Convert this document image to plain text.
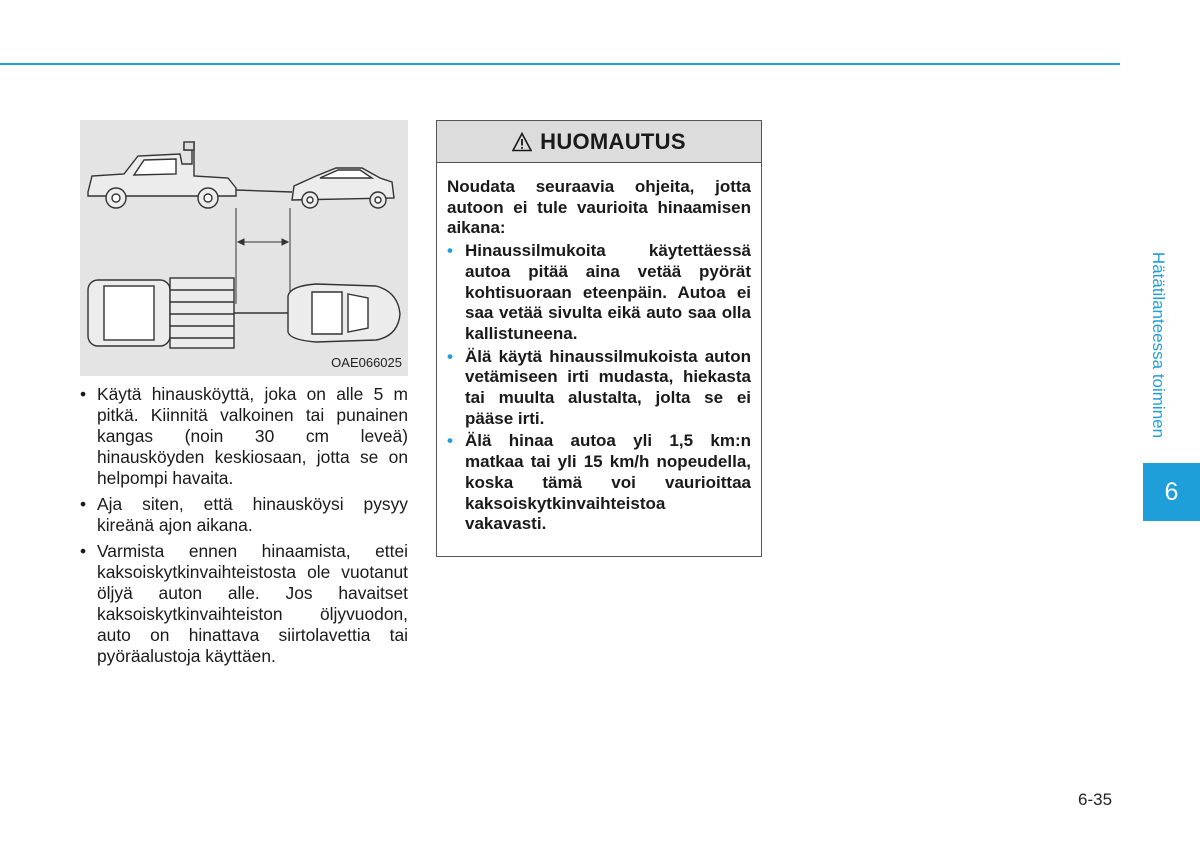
OAE066025
• Käytä hinausköyttä, joka on alle 5 m pitkä. Kiinnitä valkoinen tai punainen kangas (noin 30 cm leveä) hinausköyden keskiosaan, jotta se on helpompi havaita.
• Aja siten, että hinausköysi pysyy kireänä ajon aikana.
• Varmista ennen hinaamista, ettei kaksoiskytkinvaihteistosta ole vuotanut öljyä auton alle. Jos havaitset kaksoiskytkinvaihteiston öljyvuodon, auto on hinattava siirtolavettia tai pyöräalustoja käyttäen.
HUOMAUTUS

Noudata seuraavia ohjeita, jotta autoon ei tule vaurioita hinaamisen aikana:

• Hinaussilmukoita käytettäessä autoa pitää aina vetää pyörät kohtisuoraan eteenpäin. Autoa ei saa vetää sivulta eikä auto saa olla kallistuneena.
• Älä käytä hinaussilmukoista auton vetämiseen irti mudasta, hiekasta tai muulta alustalta, jolta se ei pääse irti.
• Älä hinaa autoa yli 1,5 km:n matkaa tai yli 15 km/h nopeudella, koska tämä voi vaurioittaa kaksoiskytkinvaihteistoa vakavasti.
Hätätilanteessa toiminen
6
6-35
